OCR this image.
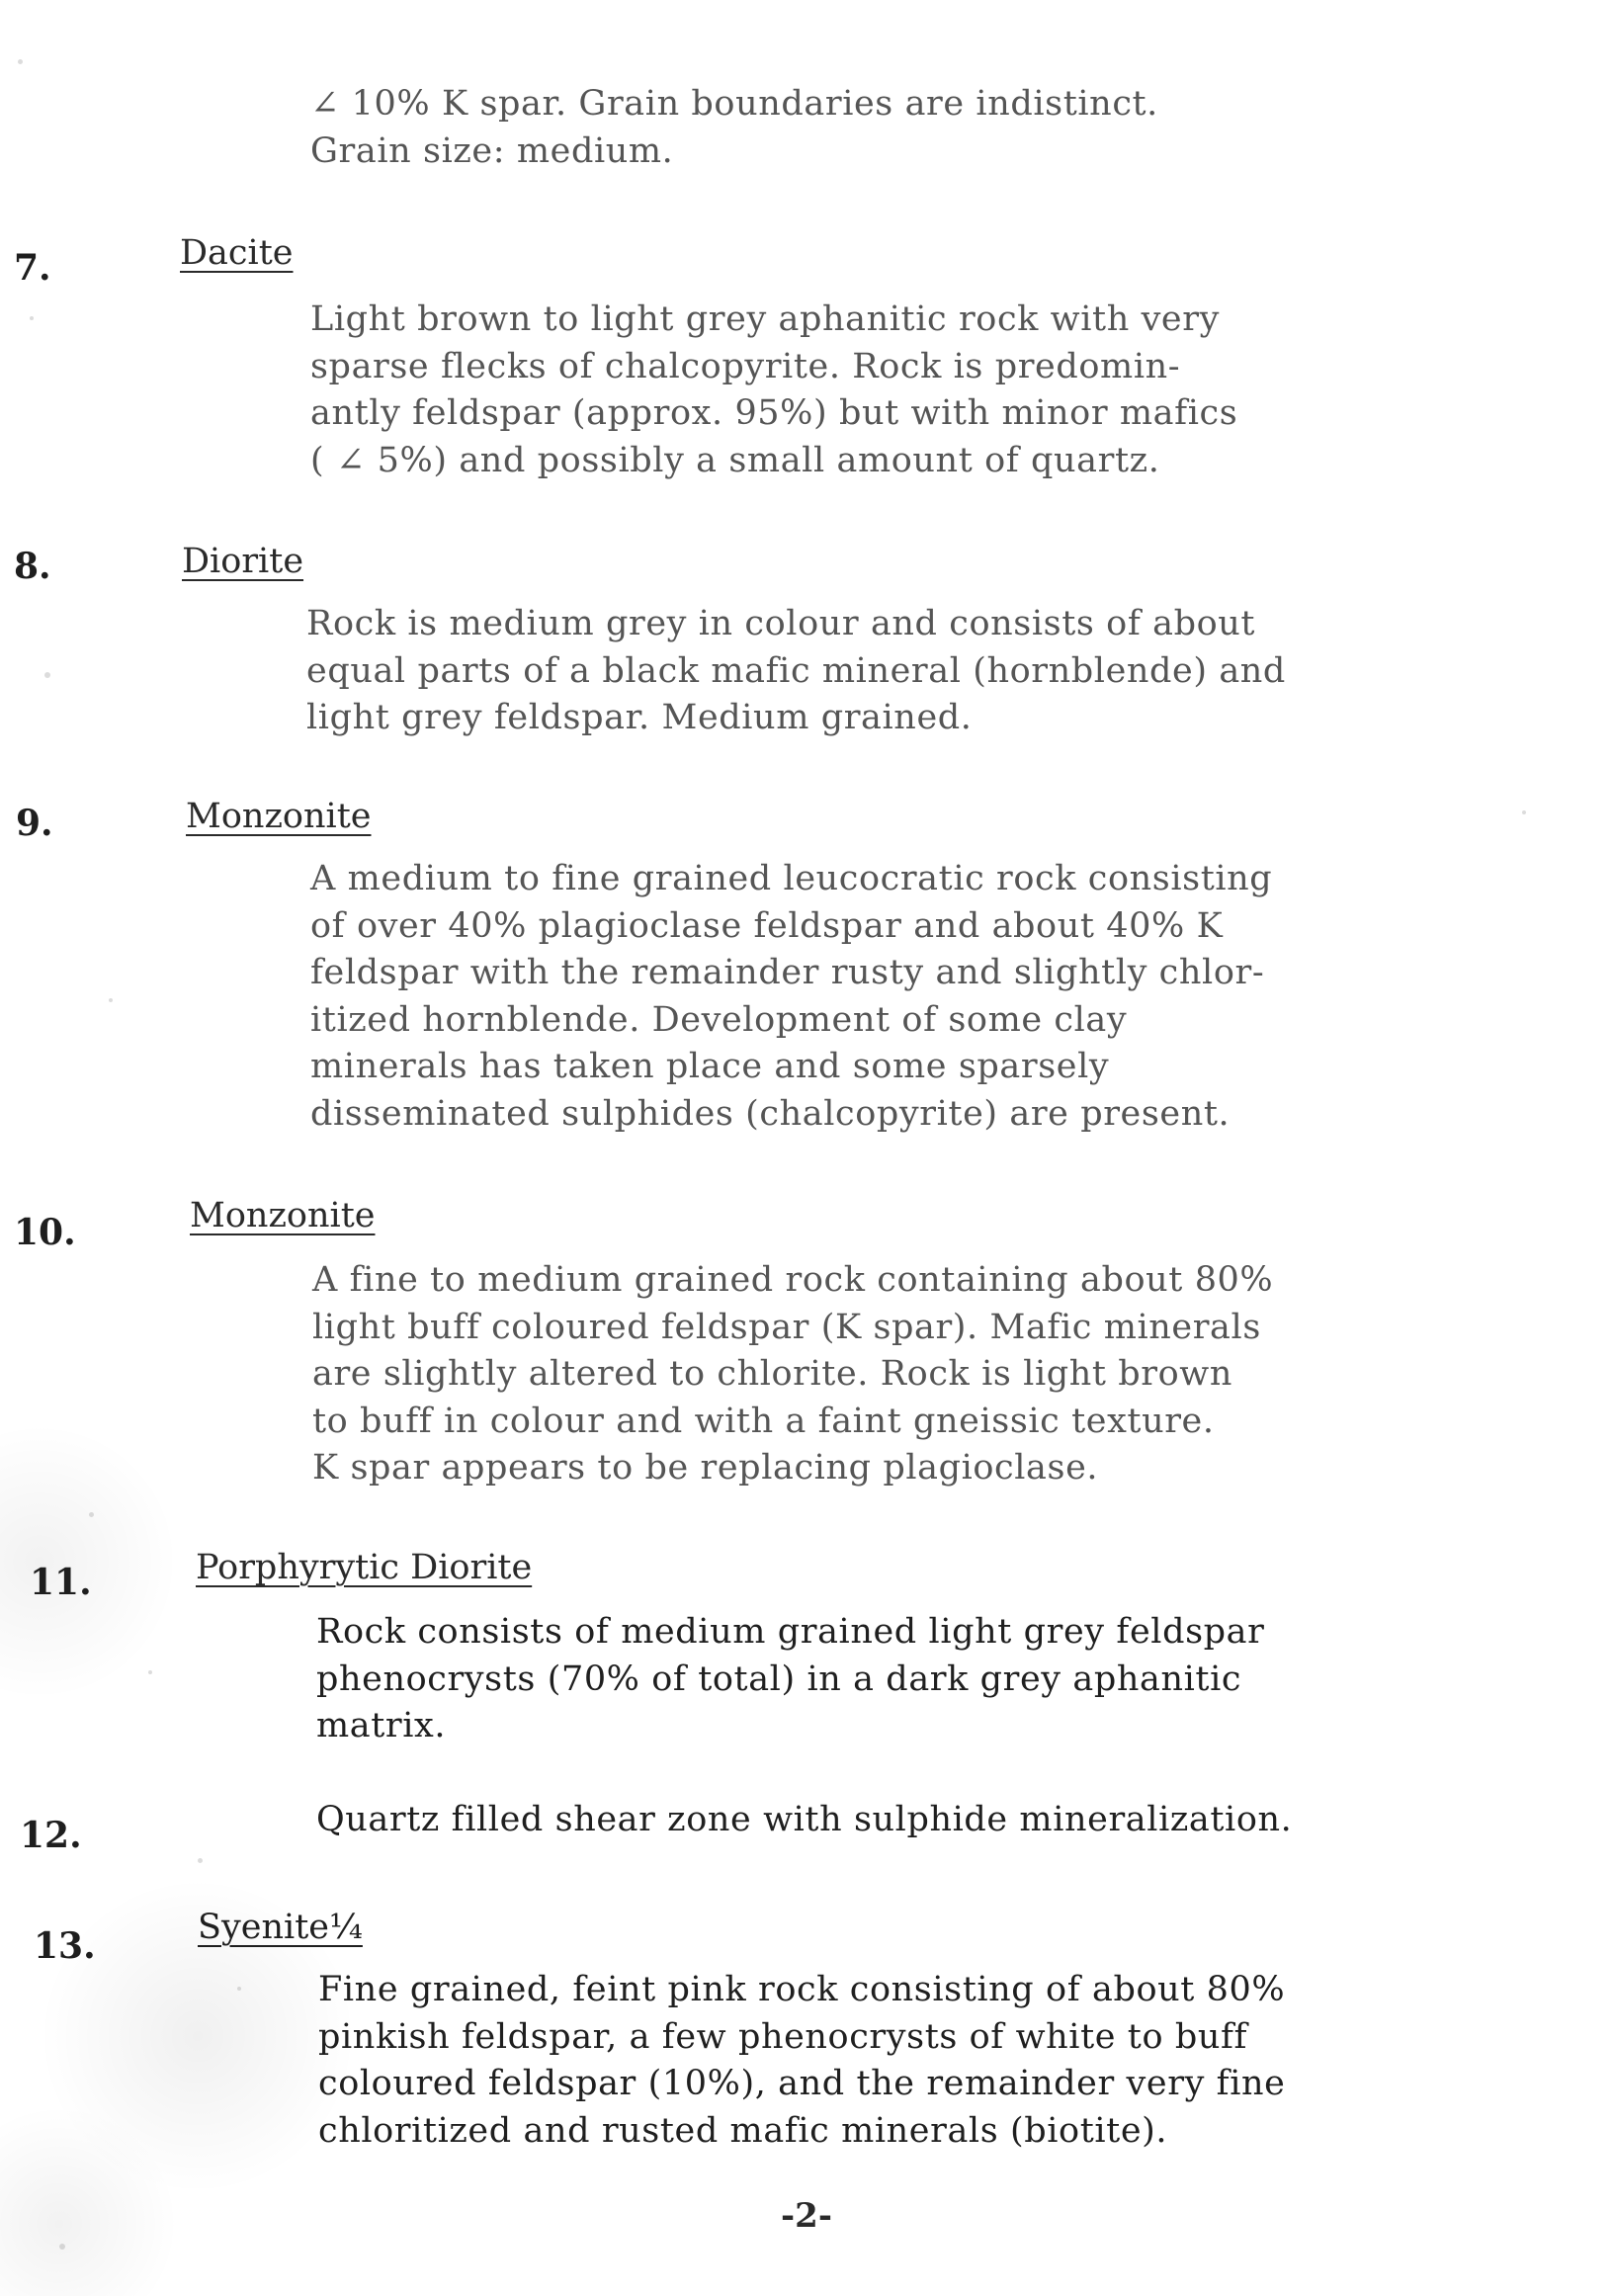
∠ 10% K spar. Grain boundaries are indistinct.
Grain size: medium.
7.	Dacite
Light brown to light grey aphanitic rock with very
sparse flecks of chalcopyrite. Rock is predomin-
antly feldspar (approx. 95%) but with minor mafics
( ∠ 5%) and possibly a small amount of quartz.
8.	Diorite
Rock is medium grey in colour and consists of about
equal parts of a black mafic mineral (hornblende) and
light grey feldspar. Medium grained.
9.	Monzonite
A medium to fine grained leucocratic rock consisting
of over 40% plagioclase feldspar and about 40% K
feldspar with the remainder rusty and slightly chlor-
itized hornblende. Development of some clay
minerals has taken place and some sparsely
disseminated sulphides (chalcopyrite) are present.
10.	Monzonite
A fine to medium grained rock containing about 80%
light buff coloured feldspar (K spar). Mafic minerals
are slightly altered to chlorite. Rock is light brown
to buff in colour and with a faint gneissic texture.
K spar appears to be replacing plagioclase.
11.	Porphyrytic Diorite
Rock consists of medium grained light grey feldspar
phenocrysts (70% of total) in a dark grey aphanitic
matrix.
12.	Quartz filled shear zone with sulphide mineralization.
13.	Syenite¼
Fine grained, feint pink rock consisting of about 80%
pinkish feldspar, a few phenocrysts of white to buff
coloured feldspar (10%), and the remainder very fine
chloritized and rusted mafic minerals (biotite).
-2-
